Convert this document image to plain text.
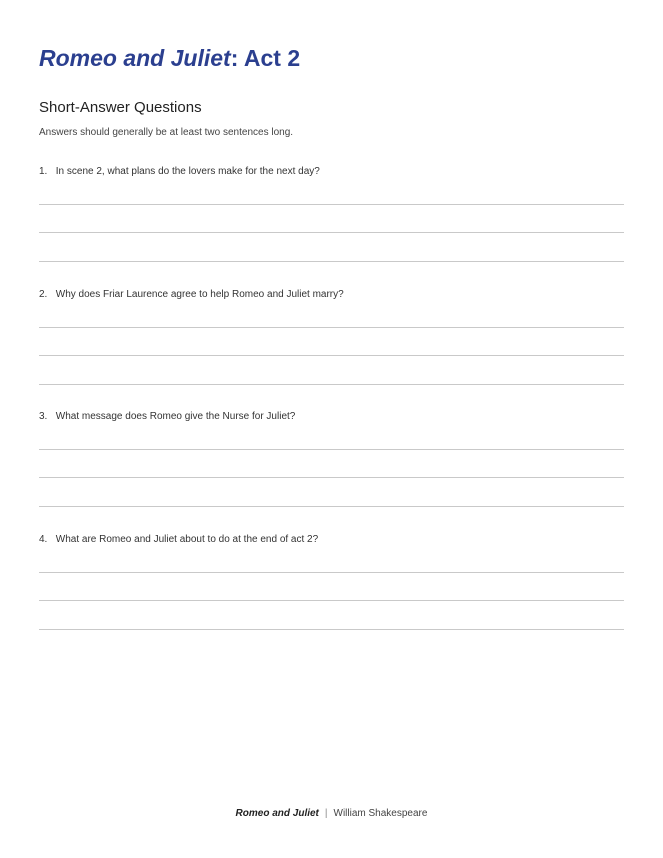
Romeo and Juliet: Act 2
Short-Answer Questions

Answers should generally be at least two sentences long.

1. In scene 2, what plans do the lovers make for the next day?

2. Why does Friar Laurence agree to help Romeo and Juliet marry?

3. What message does Romeo give the Nurse for Juliet?

4. What are Romeo and Juliet about to do at the end of act 2?

Romeo and Juliet | William Shakespeare
